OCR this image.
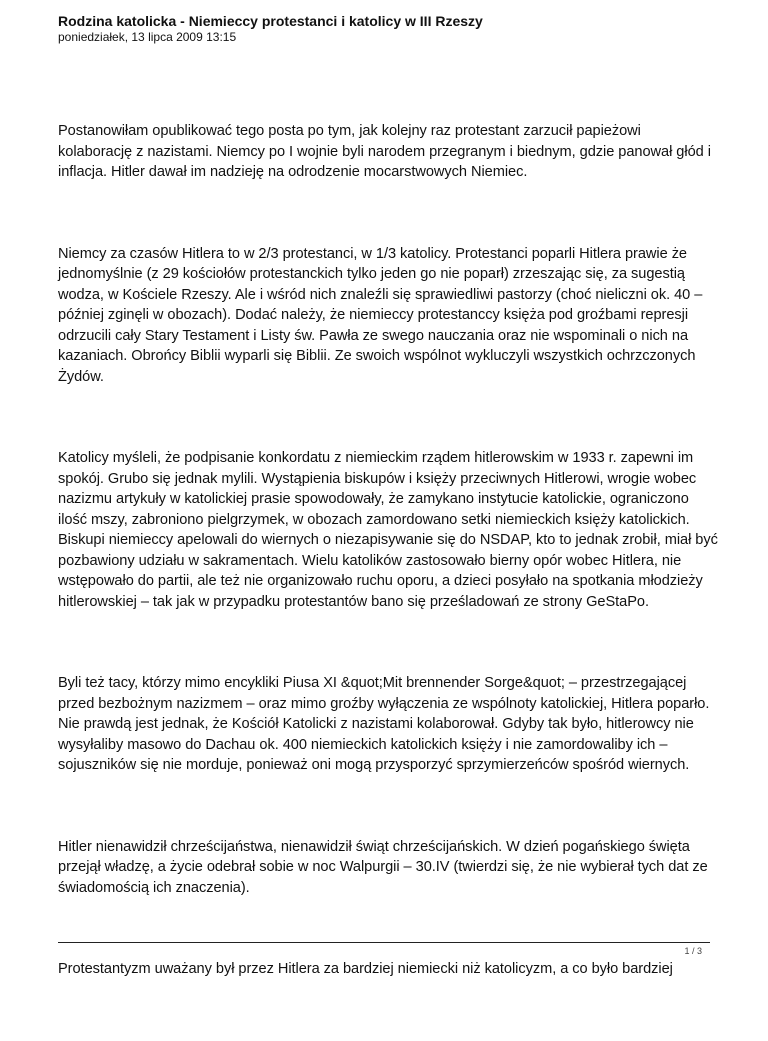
Rodzina katolicka - Niemieccy protestanci i katolicy w III Rzeszy

poniedziałek, 13 lipca 2009 13:15

Postanowiłam opublikować tego posta po tym, jak kolejny raz protestant zarzucił papieżowi kolaborację z nazistami. Niemcy po I wojnie byli narodem przegranym i biednym, gdzie panował głód i inflacja. Hitler dawał im nadzieję na odrodzenie mocarstwowych Niemiec.

Niemcy za czasów Hitlera to w 2/3 protestanci, w 1/3 katolicy. Protestanci poparli Hitlera prawie że jednomyślnie (z 29 kościołów protestanckich tylko jeden go nie poparł) zrzeszając się, za sugestią wodza, w Kościele Rzeszy. Ale i wśród nich znaleźli się sprawiedliwi pastorzy (choć nieliczni ok. 40 – później zginęli w obozach). Dodać należy, że niemieccy protestanccy księża pod groźbami represji odrzucili cały Stary Testament i Listy św. Pawła ze swego nauczania oraz nie wspominali o nich na kazaniach. Obrońcy Biblii wyparli się Biblii. Ze swoich wspólnot wykluczyli wszystkich ochrzczonych Żydów.

Katolicy myśleli, że podpisanie konkordatu z niemieckim rządem hitlerowskim w 1933 r. zapewni im spokój. Grubo się jednak mylili. Wystąpienia biskupów i księży przeciwnych Hitlerowi, wrogie wobec nazizmu artykuły w katolickiej prasie spowodowały, że zamykano instytucie katolickie, ograniczono ilość mszy, zabroniono pielgrzymek, w obozach zamordowano setki niemieckich księży katolickich. Biskupi niemieccy apelowali do wiernych o niezapisywanie się do NSDAP, kto to jednak zrobił, miał być pozbawiony udziału w sakramentach. Wielu katolików zastosowało bierny opór wobec Hitlera, nie wstępowało do partii, ale też nie organizowało ruchu oporu, a dzieci posyłało na spotkania młodzieży hitlerowskiej – tak jak w przypadku protestantów bano się prześladowań ze strony GeStaPo.

Byli też tacy, którzy mimo encykliki Piusa XI &quot;Mit brennender Sorge&quot; – przestrzegającej przed bezbożnym nazizmem – oraz mimo groźby wyłączenia ze wspólnoty katolickiej, Hitlera poparło. Nie prawdą jest jednak, że Kościół Katolicki z nazistami kolaborował. Gdyby tak było, hitlerowcy nie wysyłaliby masowo do Dachau ok. 400 niemieckich katolickich księży i nie zamordowaliby ich – sojuszników się nie morduje, ponieważ oni mogą przysporzyć sprzymierzeńców spośród wiernych.

Hitler nienawidził chrześcijaństwa, nienawidził świąt chrześcijańskich. W dzień pogańskiego święta przejął władzę, a życie odebrał sobie w noc Walpurgii – 30.IV (twierdzi się, że nie wybierał tych dat ze świadomością ich znaczenia).

Protestantyzm uważany był przez Hitlera za bardziej niemiecki niż katolicyzm, a co było bardziej

1 / 3
